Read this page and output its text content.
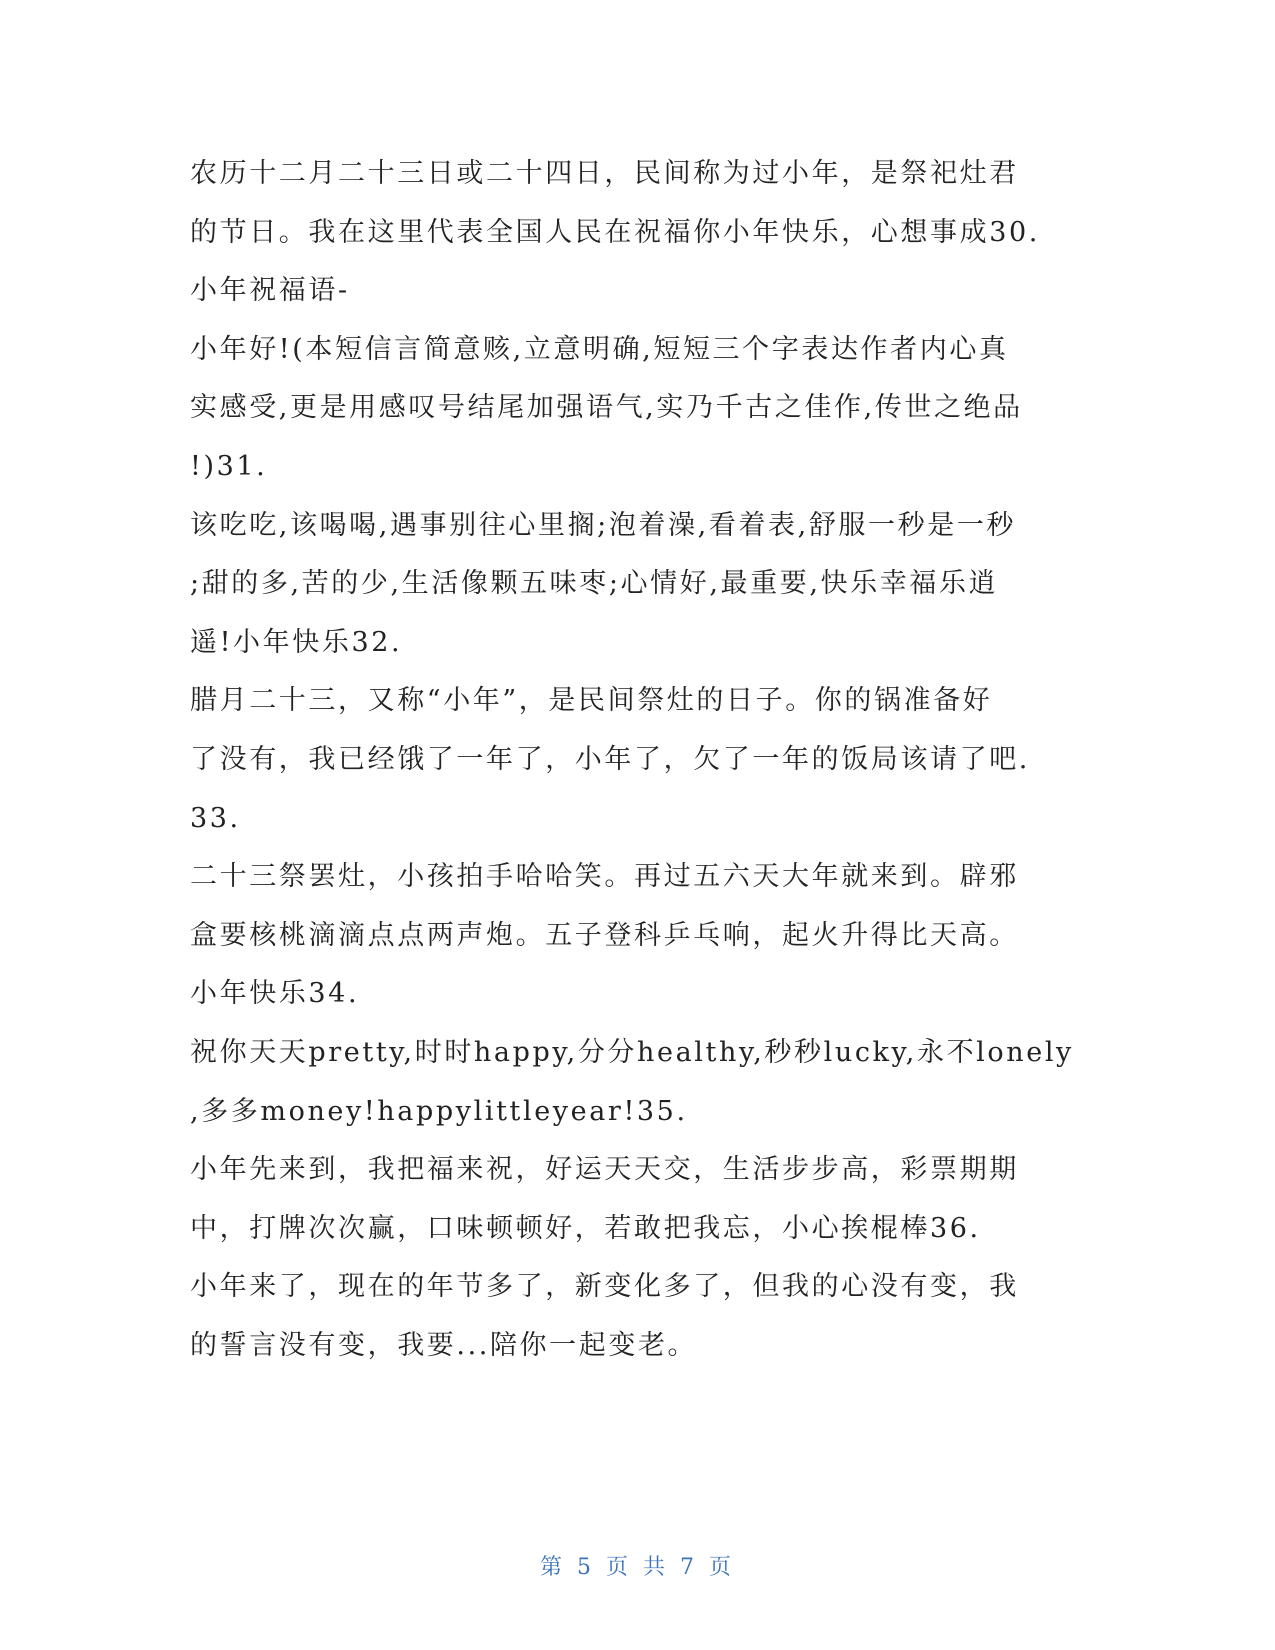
农历十二月二十三日或二十四日，民间称为过小年，是祭祀灶君
的节日。我在这里代表全国人民在祝福你小年快乐，心想事成30.
小年祝福语-
小年好!(本短信言简意赅,立意明确,短短三个字表达作者内心真
实感受,更是用感叹号结尾加强语气,实乃千古之佳作,传世之绝品
!)31.
该吃吃,该喝喝,遇事别往心里搁;泡着澡,看着表,舒服一秒是一秒
;甜的多,苦的少,生活像颗五味枣;心情好,最重要,快乐幸福乐逍
遥!小年快乐32.
腊月二十三，又称“小年”，是民间祭灶的日子。你的锅准备好
了没有，我已经饿了一年了，小年了，欠了一年的饭局该请了吧.
33.
二十三祭罢灶，小孩拍手哈哈笑。再过五六天大年就来到。辟邪
盒要核桃滴滴点点两声炮。五子登科乒乓响，起火升得比天高。
小年快乐34.
祝你天天pretty,时时happy,分分healthy,秒秒lucky,永不lonely
,多多money!happylittleyear!35.
小年先来到，我把福来祝，好运天天交，生活步步高，彩票期期
中，打牌次次赢，口味顿顿好，若敢把我忘，小心挨棍棒36.
小年来了，现在的年节多了，新变化多了，但我的心没有变，我
的誓言没有变，我要...陪你一起变老。
第 5 页 共 7 页
